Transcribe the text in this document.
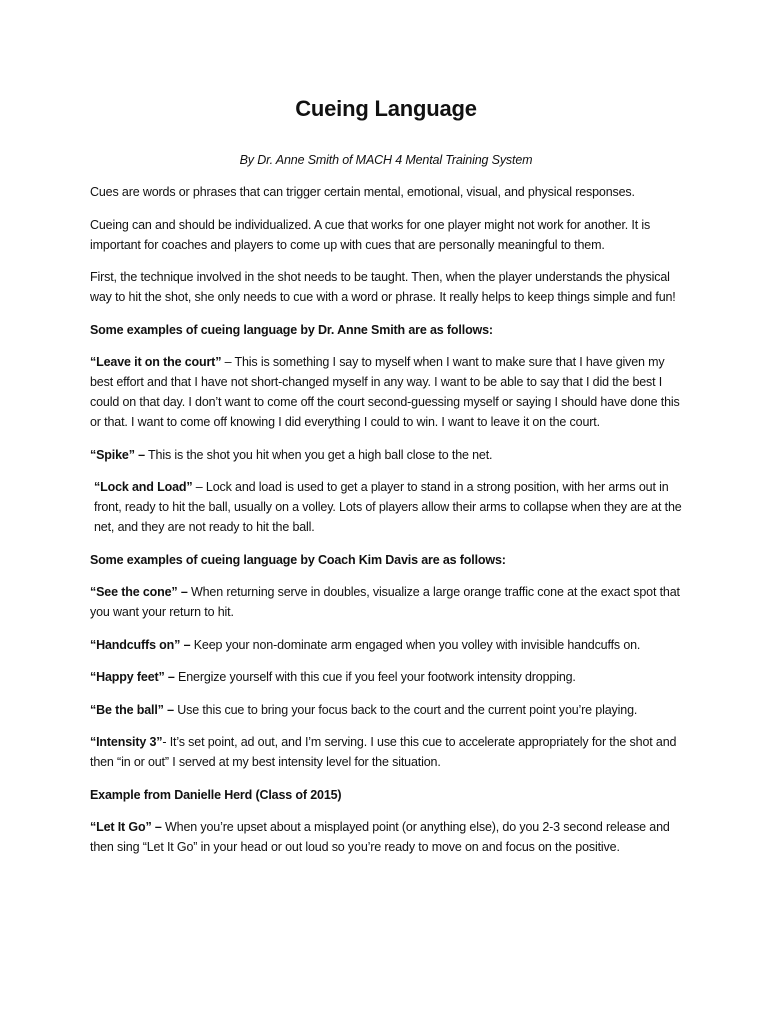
Cueing Language

By Dr. Anne Smith of MACH 4 Mental Training System

Cues are words or phrases that can trigger certain mental, emotional, visual, and physical responses.

Cueing can and should be individualized. A cue that works for one player might not work for another. It is important for coaches and players to come up with cues that are personally meaningful to them.

First, the technique involved in the shot needs to be taught. Then, when the player understands the physical way to hit the shot, she only needs to cue with a word or phrase. It really helps to keep things simple and fun!

Some examples of cueing language by Dr. Anne Smith are as follows:

“Leave it on the court” – This is something I say to myself when I want to make sure that I have given my best effort and that I have not short-changed myself in any way. I want to be able to say that I did the best I could on that day. I don’t want to come off the court second-guessing myself or saying I should have done this or that. I want to come off knowing I did everything I could to win. I want to leave it on the court.

“Spike” – This is the shot you hit when you get a high ball close to the net.

“Lock and Load” – Lock and load is used to get a player to stand in a strong position, with her arms out in front, ready to hit the ball, usually on a volley. Lots of players allow their arms to collapse when they are at the net, and they are not ready to hit the ball.

Some examples of cueing language by Coach Kim Davis are as follows:

“See the cone” – When returning serve in doubles, visualize a large orange traffic cone at the exact spot that you want your return to hit.

“Handcuffs on” – Keep your non-dominate arm engaged when you volley with invisible handcuffs on.

“Happy feet” – Energize yourself with this cue if you feel your footwork intensity dropping.

“Be the ball” – Use this cue to bring your focus back to the court and the current point you’re playing.

“Intensity 3”- It’s set point, ad out, and I’m serving. I use this cue to accelerate appropriately for the shot and then “in or out” I served at my best intensity level for the situation.

Example from Danielle Herd (Class of 2015)

“Let It Go” – When you’re upset about a misplayed point (or anything else), do you 2-3 second release and then sing “Let It Go” in your head or out loud so you’re ready to move on and focus on the positive.
